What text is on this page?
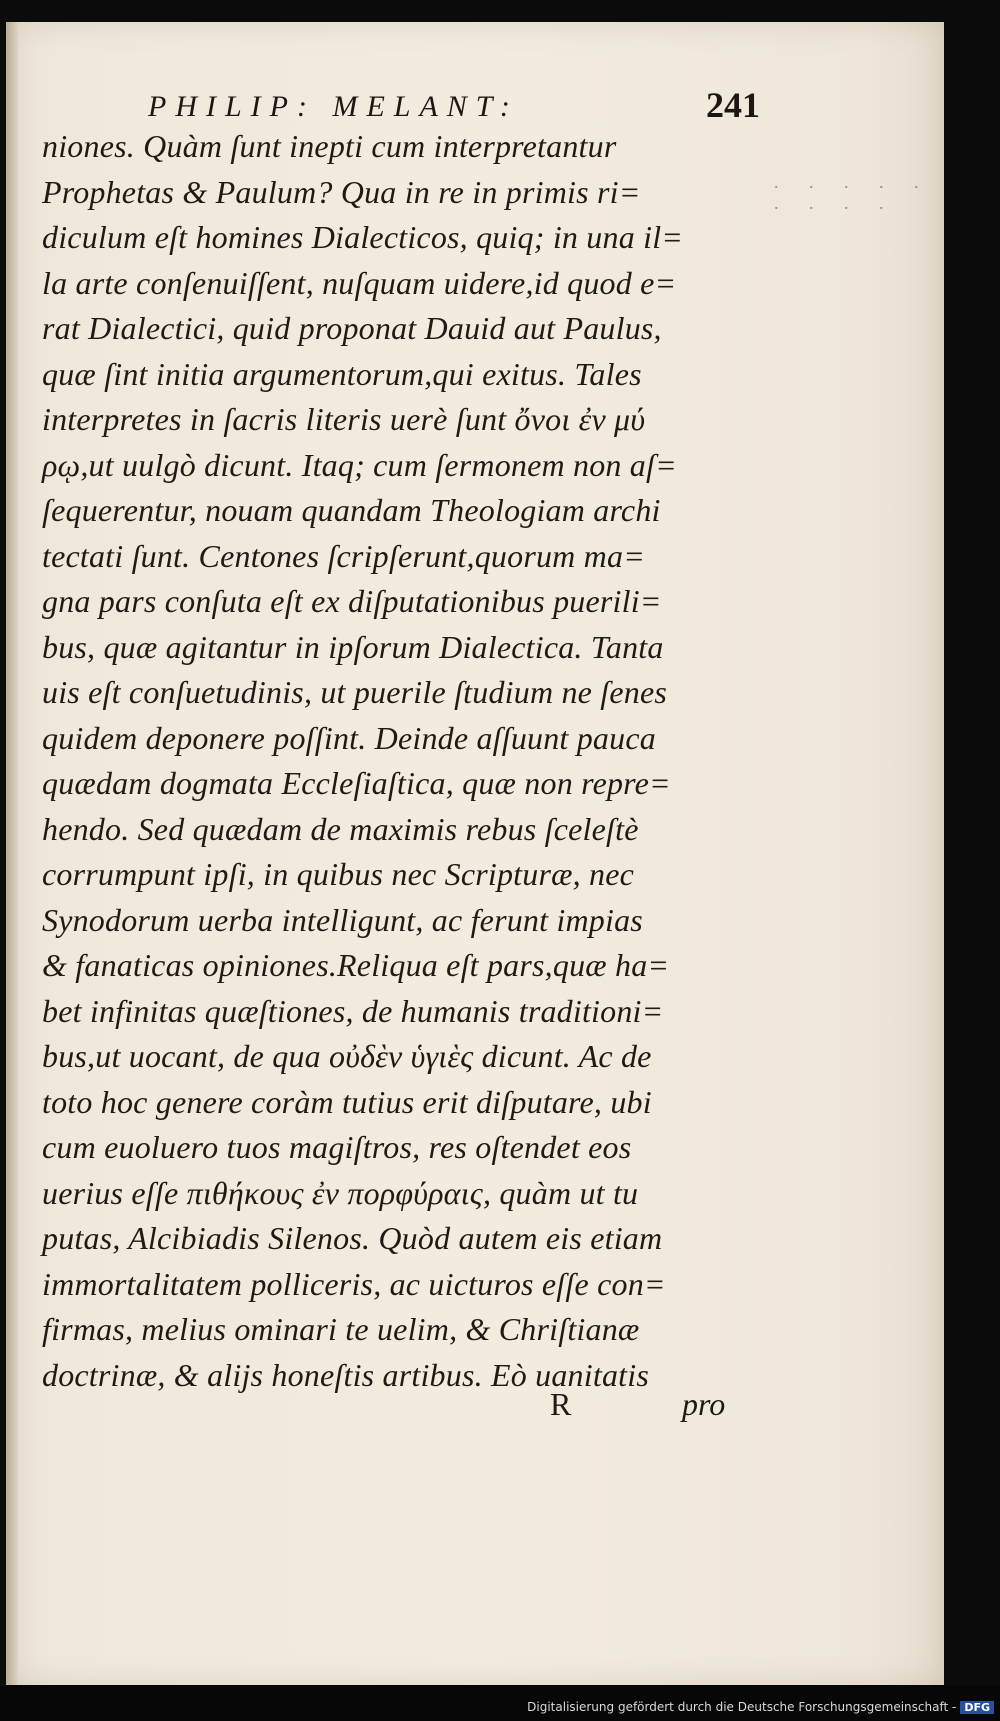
PHILIP: MELANT:	241
niones. Quàm ſunt inepti cum interpretantur
Prophetas & Paulum? Qua in re in primis ri=
diculum eſt homines Dialecticos, quiq; in una il=
la arte conſenuiſſent, nuſquam uidere,id quod e=
rat Dialectici, quid proponat Dauid aut Paulus,
quæ ſint initia argumentorum,qui exitus. Tales
interpretes in ſacris literis uerè ſunt ὄνοι ἐν μύ
ρῳ,ut uulgò dicunt. Itaq; cum ſermonem non aſ=
ſequerentur, nouam quandam Theologiam archi
tectati ſunt. Centones ſcripſerunt,quorum ma=
gna pars conſuta eſt ex diſputationibus puerili=
bus, quæ agitantur in ipſorum Dialectica. Tanta
uis eſt conſuetudinis, ut puerile ſtudium ne ſenes
quidem deponere poſſint. Deinde aſſuunt pauca
quædam dogmata Eccleſiaſtica, quæ non repre=
hendo. Sed quædam de maximis rebus ſceleſtè
corrumpunt ipſi, in quibus nec Scripturæ, nec
Synodorum uerba intelligunt, ac ferunt impias
& fanaticas opiniones.Reliqua eſt pars,quæ ha=
bet infinitas quæſtiones, de humanis traditioni=
bus,ut uocant, de qua οὐδὲν ὑγιὲς dicunt. Ac de
toto hoc genere coràm tutius erit diſputare, ubi
cum euoluero tuos magiſtros, res oſtendet eos
uerius eſſe πιθήκους ἐν πορφύραις, quàm ut tu
putas, Alcibiadis Silenos. Quòd autem eis etiam
immortalitatem polliceris, ac uicturos eſſe con=
firmas, melius ominari te uelim, & Chriſtianæ
doctrinæ, & alijs honeſtis artibus. Eò uanitatis
R	pro
. . . . . . . . .
Digitalisierung gefördert durch die Deutsche Forschungsgemeinschaft - DFG
